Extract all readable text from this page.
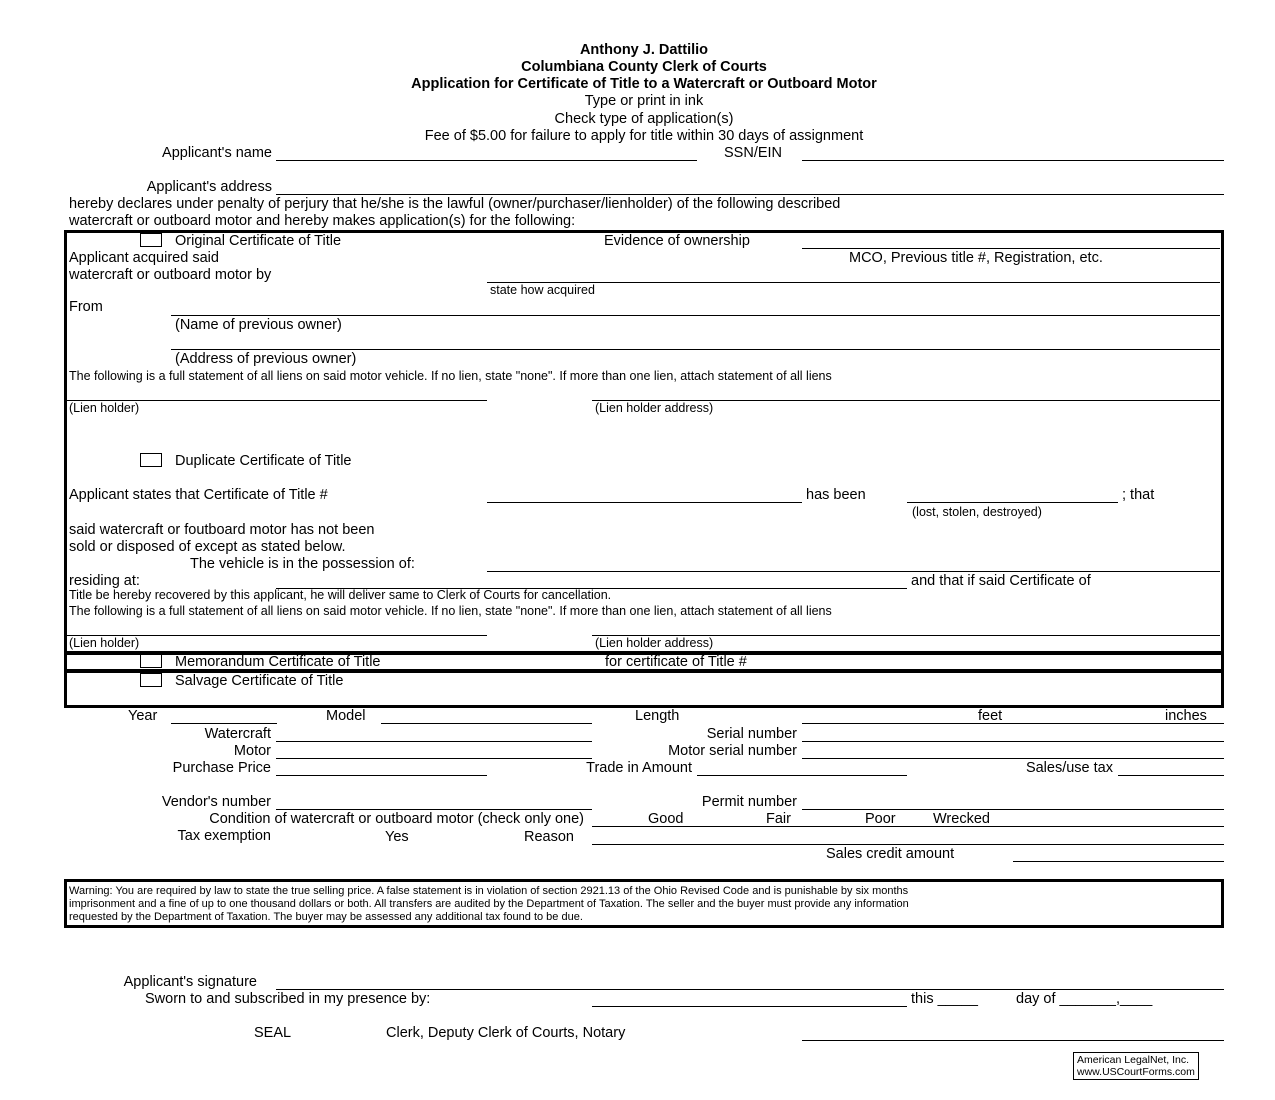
Anthony J. Dattilio
Columbiana County Clerk of Courts
Application for Certificate of Title to a Watercraft or Outboard Motor
Type or print in ink
Check type of application(s)
Fee of $5.00 for failure to apply for title within 30 days of assignment
Applicant's name	SSN/EIN
Applicant's address
hereby declares under penalty of perjury that he/she is the lawful (owner/purchaser/lienholder) of the following described
watercraft or outboard motor and hereby makes application(s) for the following:
Original Certificate of Title	Evidence of ownership
MCO, Previous title #, Registration, etc.
Applicant acquired said
watercraft or outboard motor by
state how acquired
From
(Name of previous owner)
(Address of previous owner)
The following is a full statement of all liens on said motor vehicle. If no lien, state "none". If more than one lien, attach statement of all liens
(Lien holder)	(Lien holder address)
Duplicate Certificate of Title
Applicant states that Certificate of Title #	has been	; that
(lost, stolen, destroyed)
said watercraft or foutboard motor has not been
sold or disposed of except as stated below.
The vehicle is in the possession of:
residing at:	and that if said Certificate of
Title be hereby recovered by this applicant, he will deliver same to Clerk of Courts for cancellation.
The following is a full statement of all liens on said motor vehicle. If no lien, state "none". If more than one lien, attach statement of all liens
(Lien holder)	(Lien holder address)
Memorandum Certificate of Title	for certificate of Title #
Salvage Certificate of Title
Year	Model	Length	feet	inches
Watercraft	Serial number
Motor	Motor serial number
Purchase Price	Trade in Amount	Sales/use tax
Vendor's number	Permit number
Condition of watercraft or outboard motor (check only one)	Good	Fair	Poor	Wrecked
Tax exemption	Yes	Reason
Sales credit amount
Warning: You are required by law to state the true selling price. A false statement is in violation of section 2921.13 of the Ohio Revised Code and is punishable by six months
imprisonment and a fine of up to one thousand dollars or both. All transfers are audited by the Department of Taxation. The seller and the buyer must provide any information
requested by the Department of Taxation. The buyer may be assessed any additional tax found to be due.
Applicant's signature
Sworn to and subscribed in my presence by:	this _____	day of _______,____
SEAL	Clerk, Deputy Clerk of Courts, Notary
American LegalNet, Inc.
www.USCourtForms.com
